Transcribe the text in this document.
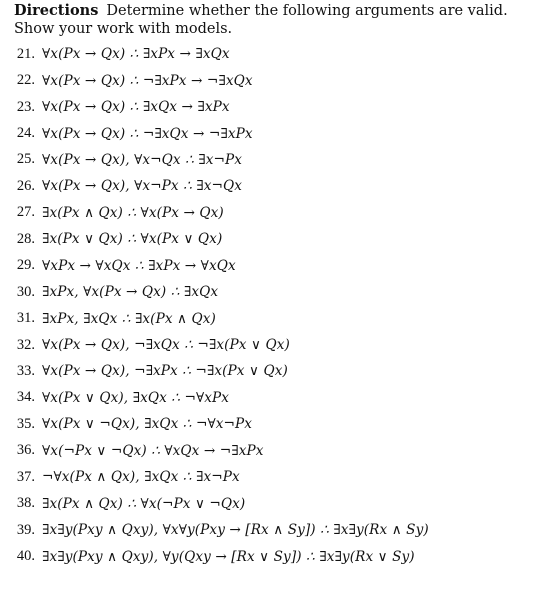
Directions Determine whether the following arguments are valid. Show your work with models.
21. ∀x(Px → Qx) ∴ ∃xPx → ∃xQx
22. ∀x(Px → Qx) ∴ ¬∃xPx → ¬∃xQx
23. ∀x(Px → Qx) ∴ ∃xQx → ∃xPx
24. ∀x(Px → Qx) ∴ ¬∃xQx → ¬∃xPx
25. ∀x(Px → Qx), ∀x¬Qx ∴ ∃x¬Px
26. ∀x(Px → Qx), ∀x¬Px ∴ ∃x¬Qx
27. ∃x(Px ∧ Qx) ∴ ∀x(Px → Qx)
28. ∃x(Px ∨ Qx) ∴ ∀x(Px ∨ Qx)
29. ∀xPx → ∀xQx ∴ ∃xPx → ∀xQx
30. ∃xPx, ∀x(Px → Qx) ∴ ∃xQx
31. ∃xPx, ∃xQx ∴ ∃x(Px ∧ Qx)
32. ∀x(Px → Qx), ¬∃xQx ∴ ¬∃x(Px ∨ Qx)
33. ∀x(Px → Qx), ¬∃xPx ∴ ¬∃x(Px ∨ Qx)
34. ∀x(Px ∨ Qx), ∃xQx ∴ ¬∀xPx
35. ∀x(Px ∨ ¬Qx), ∃xQx ∴ ¬∀x¬Px
36. ∀x(¬Px ∨ ¬Qx) ∴ ∀xQx → ¬∃xPx
37. ¬∀x(Px ∧ Qx), ∃xQx ∴ ∃x¬Px
38. ∃x(Px ∧ Qx) ∴ ∀x(¬Px ∨ ¬Qx)
39. ∃x∃y(Pxy ∧ Qxy), ∀x∀y(Pxy → [Rx ∧ Sy]) ∴ ∃x∃y(Rx ∧ Sy)
40. ∃x∃y(Pxy ∧ Qxy), ∀y(Qxy → [Rx ∨ Sy]) ∴ ∃x∃y(Rx ∨ Sy)
